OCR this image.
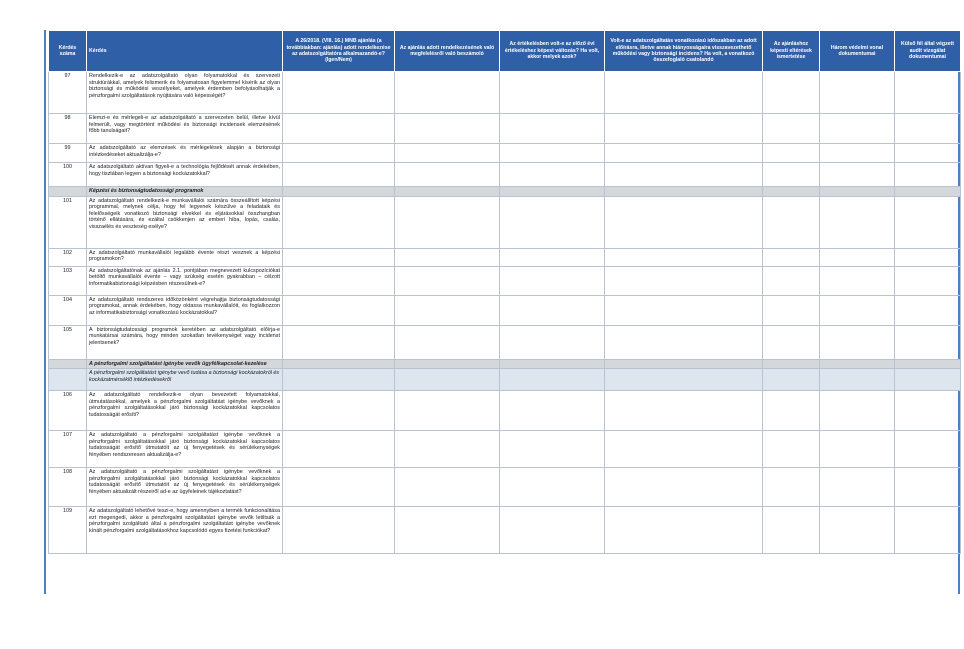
Kérdés száma	Kérdés	A 26/2018. (VIII. 16.) MNB ajánlás (a továbbiakban: ajánlás) adott rendelkezése az adatszolgáltatóra alkalmazandó-e? (Igen/Nem)	Az ajánlás adott rendelkezésének való megfelelésről való beszámoló	Az értékelésben volt-e az előző évi értékeléshez képest változás? Ha volt, akkor melyek azok?	Volt-e az adatszolgáltatás vonatkozású időszakban az adott előírásra, illetve annak hiányosságaira visszavezethető működési vagy biztonsági incidens? Ha volt, a vonatkozó összefoglaló csatolandó	Az ajánláshoz képesti eltérések ismertetése	Három védelmi vonal dokumentumai	Külső fél által végzett audit vizsgálat dokumentumai
97	Rendelkezik-e az adatszolgáltató olyan folyamatokkal és szervezeti struktúrákkal, amelyek felismerik és folyamatosan figyelemmel kísérik az olyan biztonsági és működési veszélyeket, amelyek érdemben befolyásolhatják a pénzforgalmi szolgáltatások nyújtására való képességét?							
98	Elemzi-e és mérlegeli-e az adatszolgáltató a szervezeten belül, illetve kívül felmerült, vagy megtörtént működési és biztonsági incidensek elemzésének főbb tanulságait?							
99	Az adatszolgáltató az elemzések és mérlegelések alapján a biztonsági intézkedéseket aktualizálja-e?							
100	Az adatszolgáltató aktívan figyeli-e a technológia fejlődését annak érdekében, hogy tisztában legyen a biztonsági kockázatokkal?							
	Képzési és biztonságtudatossági programok							
101	Az adatszolgáltató rendelkezik-e munkavállalói számára összeállított képzési programmal, melynek célja, hogy fel legyenek készülve a feladataik és felelősségeik vonatkozó biztonsági elvekkel és eljárásokkal összhangban történő ellátására, és ezáltal csökkenjen az emberi hiba, lopás, csalás, visszaélés és veszteség esélye?							
102	Az adatszolgáltató munkavállalói legalább évente részt vesznek a képzési programokon?							
103	Az adatszolgáltatónak az ajánlás 2.1. pontjában megnevezett kulcspozíciókat betöltő munkavállalói évente – vagy szükség esetén gyakrabban – célzott informatikabiztonsági képzésben részesülnek-e?							
104	Az adatszolgáltató rendszeres időközönként végrehajtja biztonságtudatossági programokat, annak érdekében, hogy oktassa munkavállalóit, és foglalkozzon az informatikabiztonsági vonatkozású kockázatokkal?							
105	A biztonságtudatossági programok keretében az adatszolgáltató előírja-e munkatársai számára, hogy minden szokatlan tevékenységet vagy incidenst jelentsenek?							
	A pénzforgalmi szolgáltatást igénybe vevők ügyfélkapcsolat-kezelése							
	A pénzforgalmi szolgáltatást igénybe vevő tudása a biztonsági kockázatokról és kockázatmérséklő intézkedésekről							
106	Az adatszolgáltató rendelkezik-e olyan bevezetett folyamatokkal, útmutatásokkal, amelyek a pénzforgalmi szolgáltatást igénybe vevőknek a pénzforgalmi szolgáltatásokkal járó biztonsági kockázatokkal kapcsolatos tudatosságát erősíti?							
107	Az adatszolgáltató a pénzforgalmi szolgáltatást igénybe vevőknek a pénzforgalmi szolgáltatásokkal járó biztonsági kockázatokkal kapcsolatos tudatosságát erősítő útmutatóit az új fenyegetések és sérülékenységek fényében rendszeresen aktualizálja-e?							
108	Az adatszolgáltató a pénzforgalmi szolgáltatást igénybe vevőknek a pénzforgalmi szolgáltatásokkal járó biztonsági kockázatokkal kapcsolatos tudatosságát erősítő útmutatóit az új fenyegetések és sérülékenységek fényében aktualizált részeiről ad-e az ügyfeleinek tájékoztatást?							
109	Az adatszolgáltató lehetővé teszi-e, hogy amennyiben a termék funkcionalitása ezt megengedi, akkor a pénzforgalmi szolgáltatást igénybe vevők letiltsák a pénzforgalmi szolgáltató által a pénzforgalmi szolgáltatást igénybe vevőknek kínált pénzforgalmi szolgáltatásokhoz kapcsolódó egyes fizetési funkciókat?							
